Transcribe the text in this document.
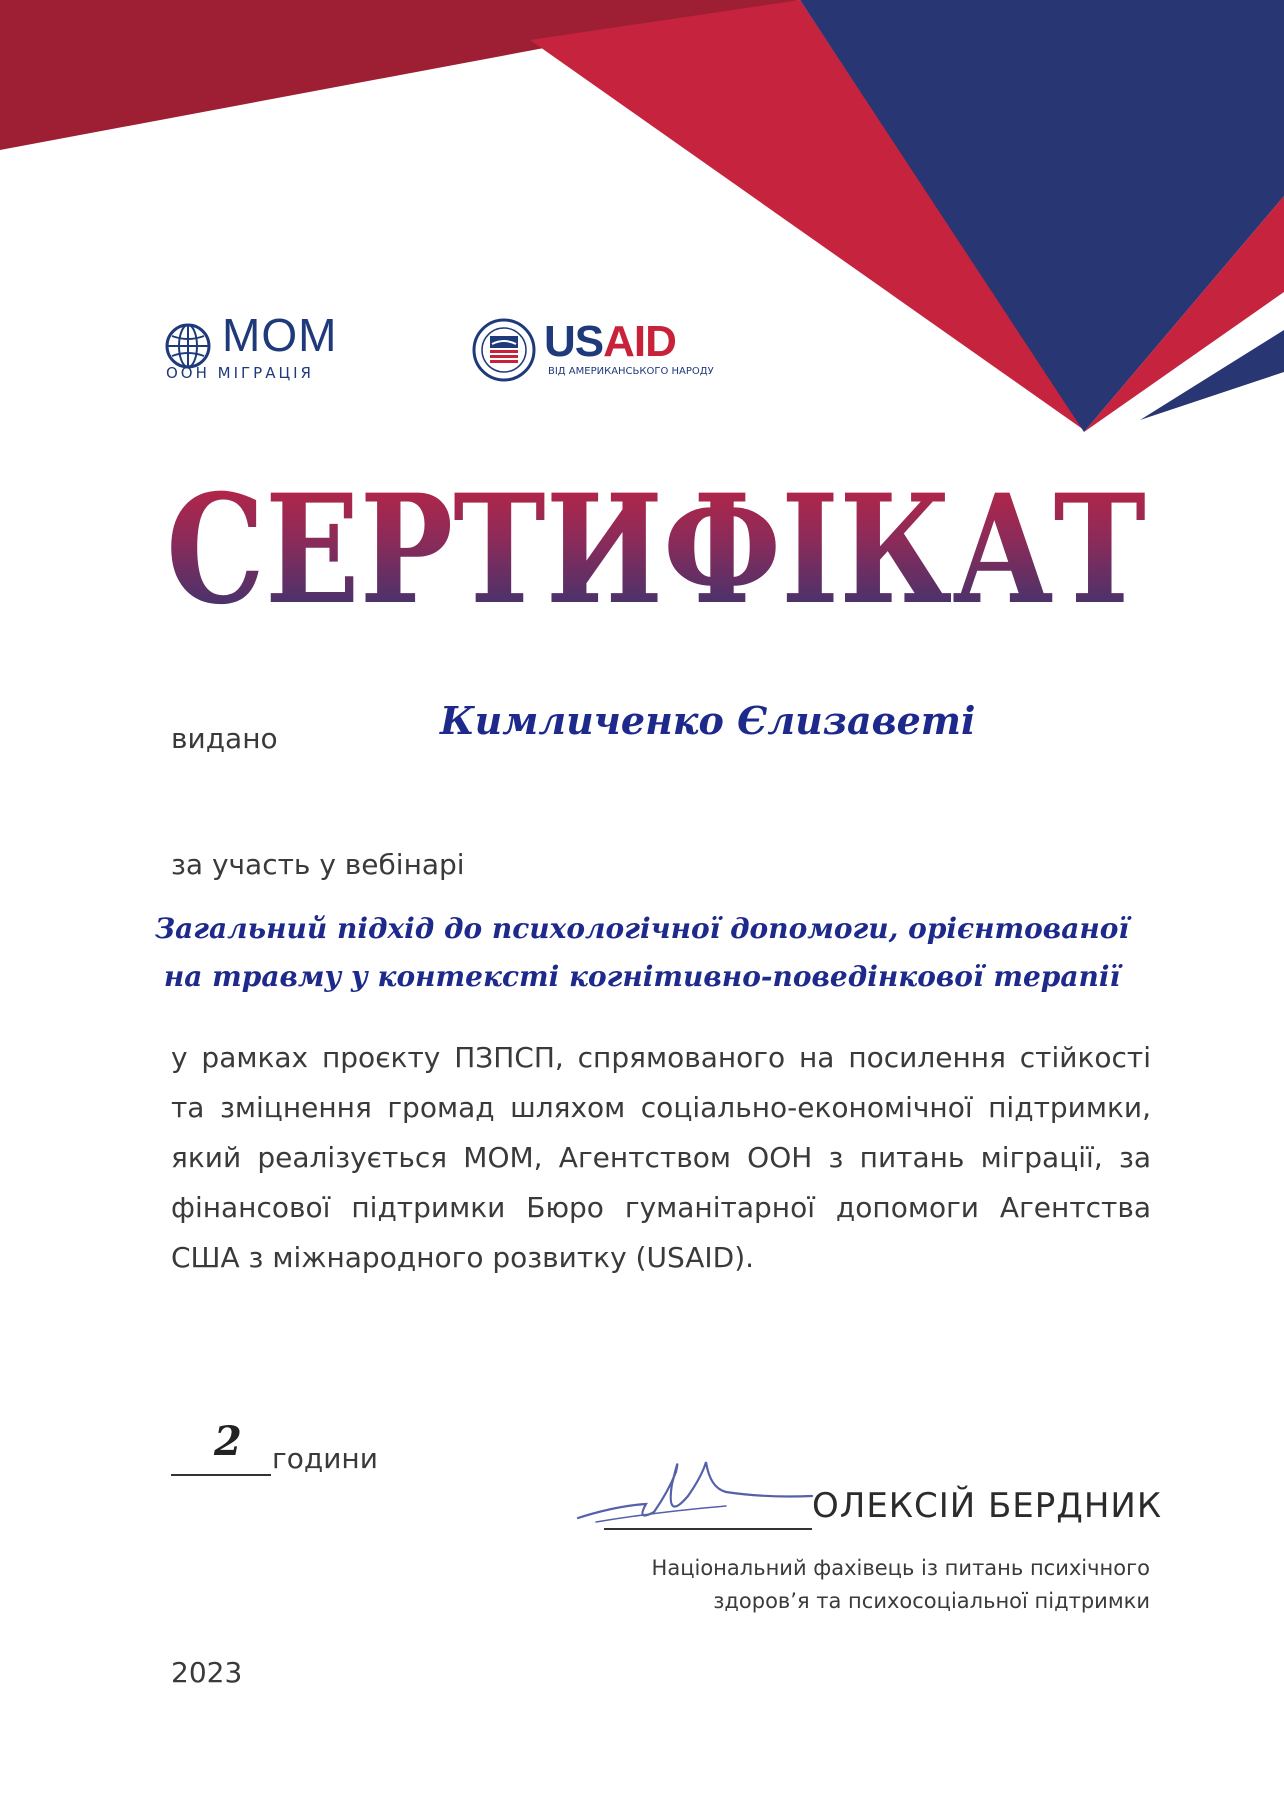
МОМ
ООН МІГРАЦІЯ
USAID
ВІД АМЕРИКАНСЬКОГО НАРОДУ
СЕРТИФІКАТ
видано	Кимличенко Єлизаветі
за участь у вебінарі
Загальний підхід до психологічної допомоги, орієнтованої на травму у контексті когнітивно-поведінкової терапії
у рамках проєкту ПЗПСП, спрямованого на посилення стійкості та зміцнення громад шляхом соціально-економічної підтримки, який реалізується МОМ, Агентством ООН з питань міграції, за фінансової підтримки Бюро гуманітарної допомоги Агентства США з міжнародного розвитку (USAID).
2 години
ОЛЕКСІЙ БЕРДНИК
Національний фахівець із питань психічного здоров’я та психосоціальної підтримки
2023
